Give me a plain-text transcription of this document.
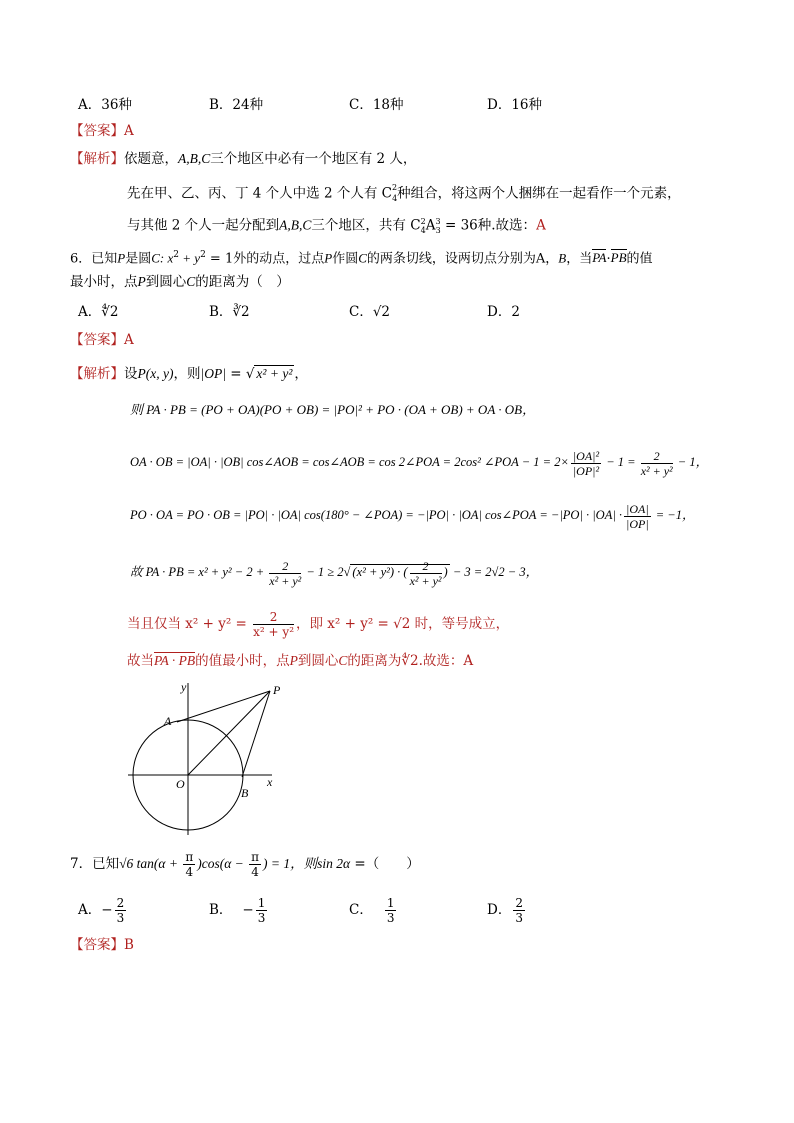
A．36种	B．24种	C．18种	D．16种
【答案】A
【解析】依题意，A,B,C三个地区中必有一个地区有 2 人，
先在甲、乙、丙、丁 4 个人中选 2 个人有 $C^2_4$种组合，将这两个人捆绑在一起看作一个元素，
与其他 2 个人一起分配到A,B,C三个地区，共有 $C^2_4A^3_3 = 36$种.故选：A
6．已知P是圆C: $x^2 + y^2 = 1$外的动点，过点P作圆C的两条切线，设两切点分别为A，B，当PA·PB的值
最小时，点P到圆心C的距离为（　）
A．∜2	B．∛2	C．√2	D．2
【答案】A
【解析】设P(x, y)，则|OP| = √ x² + y² ，
则 PA · PB = (PO + OA)(PO + OB) = |PO|² + PO · (OA + OB) + OA · OB，
OA · OB = |OA| · |OB| cos∠AOB = cos∠AOB = cos 2∠POA = 2cos² ∠POA − $1 = 2\times \frac{\text{|OA|²}}{\text{|OP|²}} - 1 = \frac{2}{\text{x² + y²}} - 1$，
PO · OA = PO · OB = |PO| · |OA| cos(180° − ∠POA) = −|PO| · |OA| cos∠POA = $-|PO| \cdot |OA| \cdot \frac{|OA|}{|OP|} = -1$，
故 PA · PB = $x^2 + y^2 - 2 + \frac{2}{\text{x² + y²}} - 1 \ge 2√$ (x² + y²) · ( $\frac{2}{\text{x² + y²}}$ ) − 3 = 2√2 − 3，
当且仅当 $x^2 + y^2 = \frac{2}{\text{x² + y²}}$ ，即 x² + y² = √2 时，等号成立，
故当PA · PB的值最小时，点P到圆心C的距离为∜2.故选：A
y
x
O
A
B
P
7．已知√6 $\tan(\alpha + \frac{\pi}{4} )\cos(\alpha - \frac{\pi}{4}$ ) = 1，则sin 2α =（　　）
A．− $\frac{2}{3}$	B． − $\frac{1}{3}$	C． $\frac{1}{3}$	D． $\frac{2}{3}$
【答案】B
